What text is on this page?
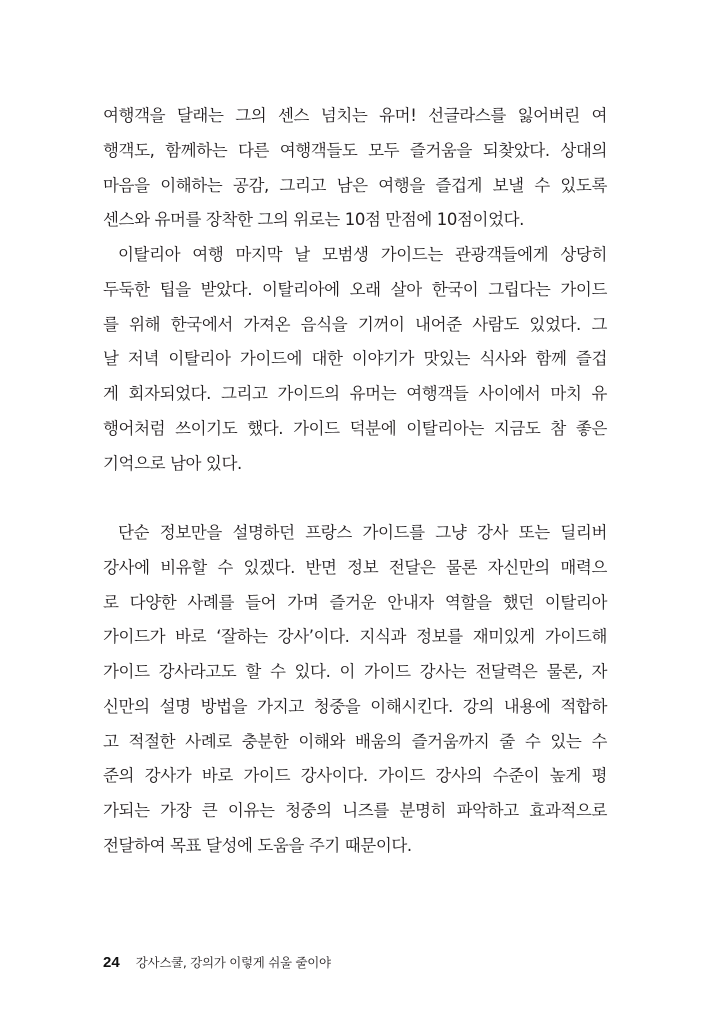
여행객을 달래는 그의 센스 넘치는 유머! 선글라스를 잃어버린 여
행객도, 함께하는 다른 여행객들도 모두 즐거움을 되찾았다. 상대의
마음을 이해하는 공감, 그리고 남은 여행을 즐겁게 보낼 수 있도록
센스와 유머를 장착한 그의 위로는 10점 만점에 10점이었다.
이탈리아 여행 마지막 날 모범생 가이드는 관광객들에게 상당히
두둑한 팁을 받았다. 이탈리아에 오래 살아 한국이 그립다는 가이드
를 위해 한국에서 가져온 음식을 기꺼이 내어준 사람도 있었다. 그
날 저녁 이탈리아 가이드에 대한 이야기가 맛있는 식사와 함께 즐겁
게 회자되었다. 그리고 가이드의 유머는 여행객들 사이에서 마치 유
행어처럼 쓰이기도 했다. 가이드 덕분에 이탈리아는 지금도 참 좋은
기억으로 남아 있다.
단순 정보만을 설명하던 프랑스 가이드를 그냥 강사 또는 딜리버
강사에 비유할 수 있겠다. 반면 정보 전달은 물론 자신만의 매력으
로 다양한 사례를 들어 가며 즐거운 안내자 역할을 했던 이탈리아
가이드가 바로 ‘잘하는 강사’이다. 지식과 정보를 재미있게 가이드해
가이드 강사라고도 할 수 있다. 이 가이드 강사는 전달력은 물론, 자
신만의 설명 방법을 가지고 청중을 이해시킨다. 강의 내용에 적합하
고 적절한 사례로 충분한 이해와 배움의 즐거움까지 줄 수 있는 수
준의 강사가 바로 가이드 강사이다. 가이드 강사의 수준이 높게 평
가되는 가장 큰 이유는 청중의 니즈를 분명히 파악하고 효과적으로
전달하여 목표 달성에 도움을 주기 때문이다.
24 강사스쿨, 강의가 이렇게 쉬울 줄이야
